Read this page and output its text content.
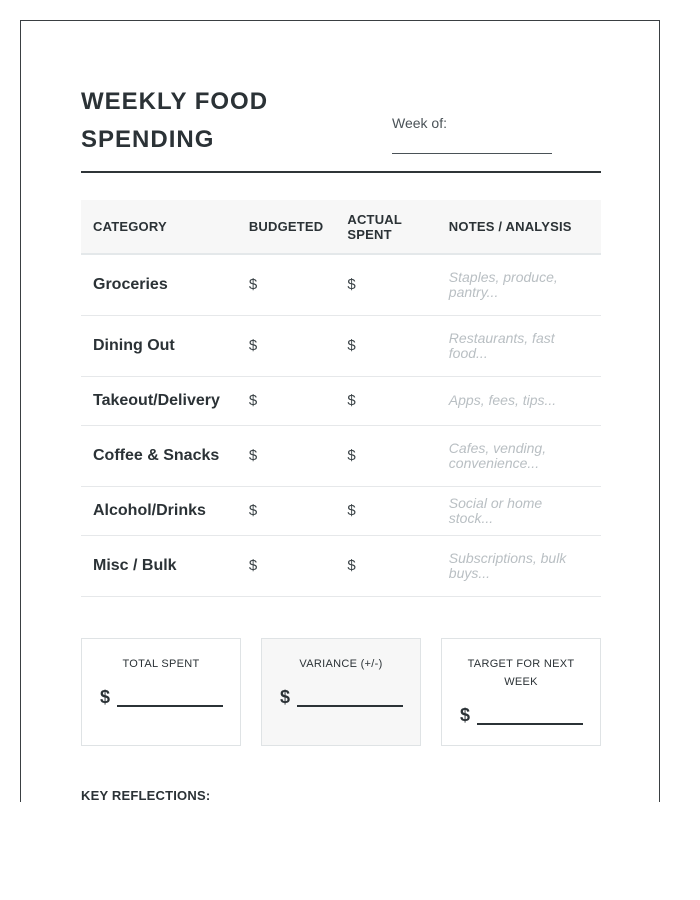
WEEKLY FOOD SPENDING
Week of:
CATEGORY	BUDGETED	ACTUAL SPENT	NOTES / ANALYSIS
Groceries	$	$	Staples, produce, pantry...
Dining Out	$	$	Restaurants, fast food...
Takeout/Delivery	$	$	Apps, fees, tips...
Coffee & Snacks	$	$	Cafes, vending, convenience...
Alcohol/Drinks	$	$	Social or home stock...
Misc / Bulk	$	$	Subscriptions, bulk buys...
TOTAL SPENT
$
VARIANCE (+/-)
$
TARGET FOR NEXT WEEK
$
KEY REFLECTIONS:
